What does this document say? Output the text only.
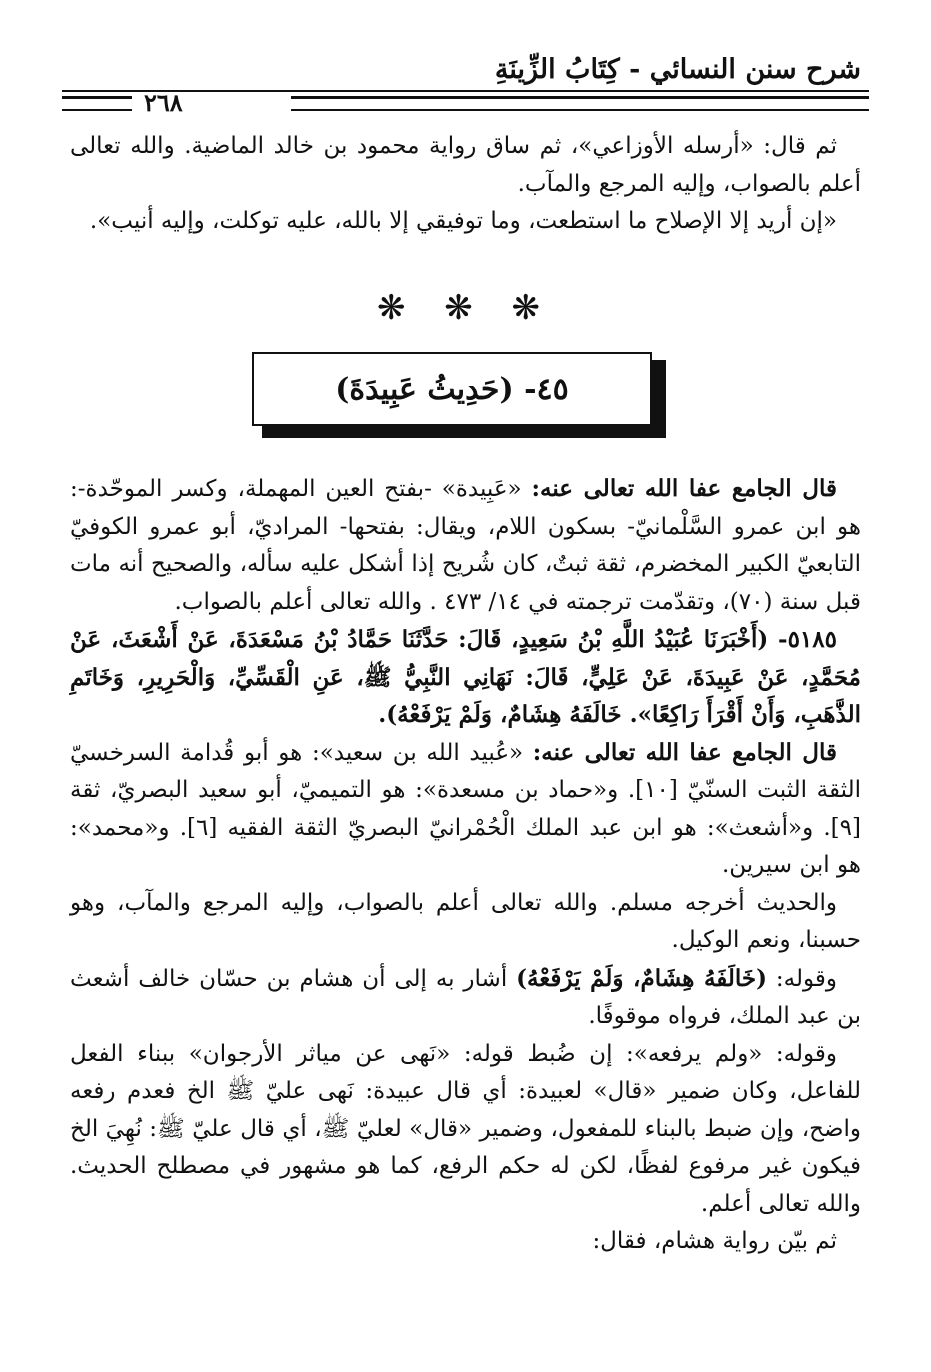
شرح سنن النسائي - كِتَابُ الزِّينَةِ
٢٦٨

ثم قال: «أرسله الأوزاعي»، ثم ساق رواية محمود بن خالد الماضية. والله تعالى أعلم بالصواب، وإليه المرجع والمآب.

«إن أريد إلا الإصلاح ما استطعت، وما توفيقي إلا بالله، عليه توكلت، وإليه أنيب».

❋ ❋ ❋
٤٥- (حَدِيثُ عَبِيدَةَ)

قال الجامع عفا الله تعالى عنه: «عَبِيدة» -بفتح العين المهملة، وكسر الموحّدة-: هو ابن عمرو السَّلْمانيّ- بسكون اللام، ويقال: بفتحها- المراديّ، أبو عمرو الكوفيّ التابعيّ الكبير المخضرم، ثقة ثبتٌ، كان شُريح إذا أشكل عليه سأله، والصحيح أنه مات قبل سنة (٧٠)، وتقدّمت ترجمته في ١٤/ ٤٧٣ . والله تعالى أعلم بالصواب.

٥١٨٥- (أَخْبَرَنَا عُبَيْدُ اللَّهِ بْنُ سَعِيدٍ، قَالَ: حَدَّثَنَا حَمَّادُ بْنُ مَسْعَدَةَ، عَنْ أَشْعَثَ، عَنْ مُحَمَّدٍ، عَنْ عَبِيدَةَ، عَنْ عَلِيٍّ، قَالَ: نَهَانِي النَّبِيُّ ﷺ، عَنِ الْقَسِّيِّ، وَالْحَرِيرِ، وَخَاتَمِ الذَّهَبِ، وَأَنْ أَقْرَأَ رَاكِعًا». خَالَفَهُ هِشَامٌ، وَلَمْ يَرْفَعْهُ).

قال الجامع عفا الله تعالى عنه: «عُبيد الله بن سعيد»: هو أبو قُدامة السرخسيّ الثقة الثبت السنّيّ [١٠]. و«حماد بن مسعدة»: هو التميميّ، أبو سعيد البصريّ، ثقة [٩]. و«أشعث»: هو ابن عبد الملك الْحُمْرانيّ البصريّ الثقة الفقيه [٦]. و«محمد»: هو ابن سيرين.

والحديث أخرجه مسلم. والله تعالى أعلم بالصواب، وإليه المرجع والمآب، وهو حسبنا، ونعم الوكيل.

وقوله: (خَالَفَهُ هِشَامٌ، وَلَمْ يَرْفَعْهُ) أشار به إلى أن هشام بن حسّان خالف أشعث بن عبد الملك، فرواه موقوفًا.

وقوله: «ولم يرفعه»: إن ضُبط قوله: «نَهى عن مياثر الأرجوان» ببناء الفعل للفاعل، وكان ضمير «قال» لعبيدة: أي قال عبيدة: نَهى عليّ ﷺ الخ فعدم رفعه واضح، وإن ضبط بالبناء للمفعول، وضمير «قال» لعليّ ﷺ، أي قال عليّ ﷺ: نُهِيَ الخ فيكون غير مرفوع لفظًا، لكن له حكم الرفع، كما هو مشهور في مصطلح الحديث. والله تعالى أعلم.

ثم بيّن رواية هشام، فقال:
